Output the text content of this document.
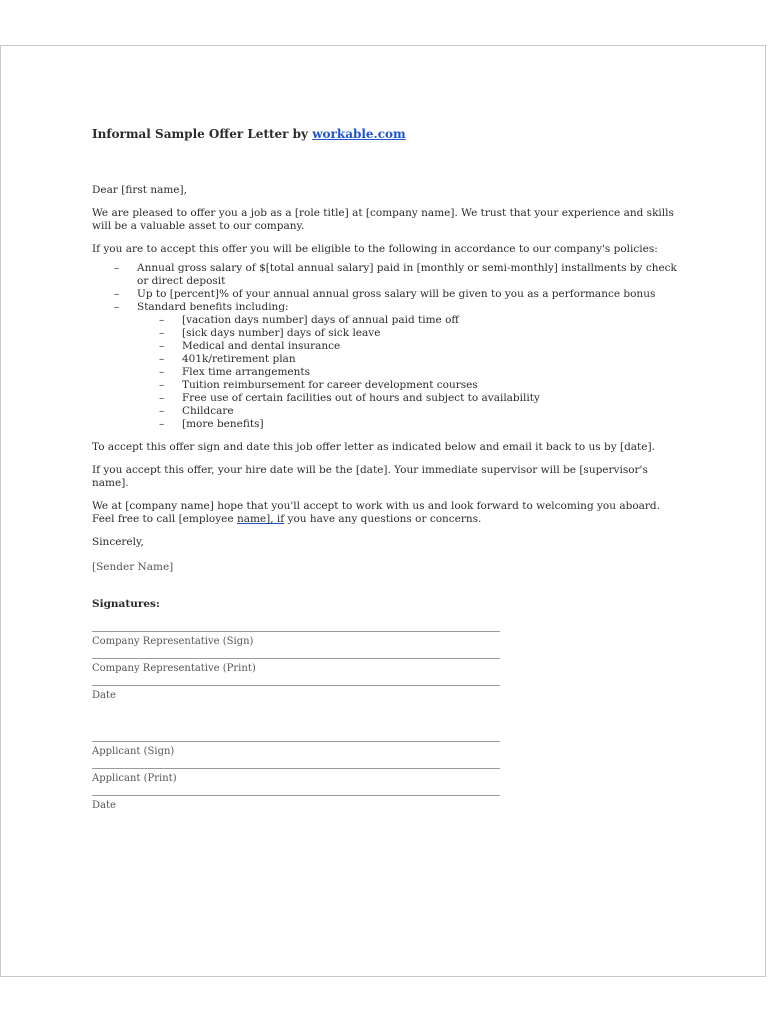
Informal Sample Offer Letter by workable.com

Dear [first name],

We are pleased to offer you a job as a [role title] at [company name]. We trust that your experience and skills will be a valuable asset to our company.

If you are to accept this offer you will be eligible to the following in accordance to our company's policies:

– Annual gross salary of $[total annual salary] paid in [monthly or semi-monthly] installments by check or direct deposit
– Up to [percent]% of your annual annual gross salary will be given to you as a performance bonus
– Standard benefits including:
– [vacation days number] days of annual paid time off
– [sick days number] days of sick leave
– Medical and dental insurance
– 401k/retirement plan
– Flex time arrangements
– Tuition reimbursement for career development courses
– Free use of certain facilities out of hours and subject to availability
– Childcare
– [more benefits]

To accept this offer sign and date this job offer letter as indicated below and email it back to us by [date].

If you accept this offer, your hire date will be the [date]. Your immediate supervisor will be [supervisor's name].

We at [company name] hope that you'll accept to work with us and look forward to welcoming you aboard. Feel free to call [employee name], if you have any questions or concerns.

Sincerely,

[Sender Name]
Signatures:
Company Representative (Sign)
Company Representative (Print)
Date
Applicant (Sign)
Applicant (Print)
Date
